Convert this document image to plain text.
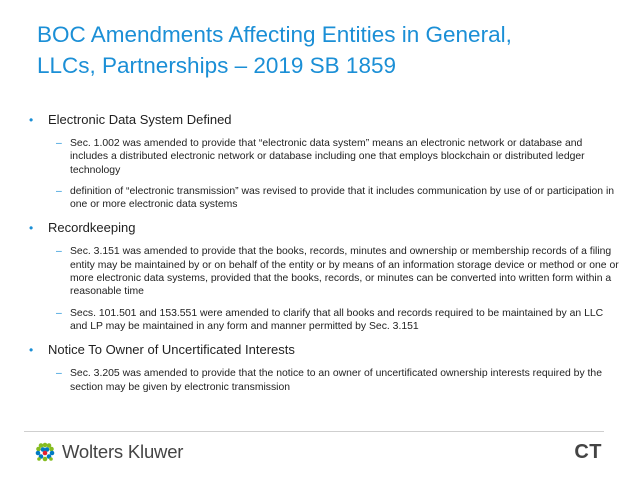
BOC Amendments Affecting Entities in General,
LLCs, Partnerships – 2019 SB 1859
• Electronic Data System Defined
– Sec. 1.002 was amended to provide that “electronic data system” means an electronic network or database and includes a distributed electronic network or database including one that employs blockchain or distributed ledger technology
– definition of “electronic transmission” was revised to provide that it includes communication by use of or participation in one or more electronic data systems
• Recordkeeping
– Sec. 3.151 was amended to provide that the books, records, minutes and ownership or membership records of a filing entity may be maintained by or on behalf of the entity or by means of an information storage device or method or one or more electronic data systems, provided that the books, records, or minutes can be converted into written form within a reasonable time
– Secs. 101.501 and 153.551 were amended to clarify that all books and records required to be maintained by an LLC and LP may be maintained in any form and manner permitted by Sec. 3.151
• Notice To Owner of Uncertificated Interests
– Sec. 3.205 was amended to provide that the notice to an owner of uncertificated ownership interests required by the section may be given by electronic transmission
Wolters Kluwer	CT
